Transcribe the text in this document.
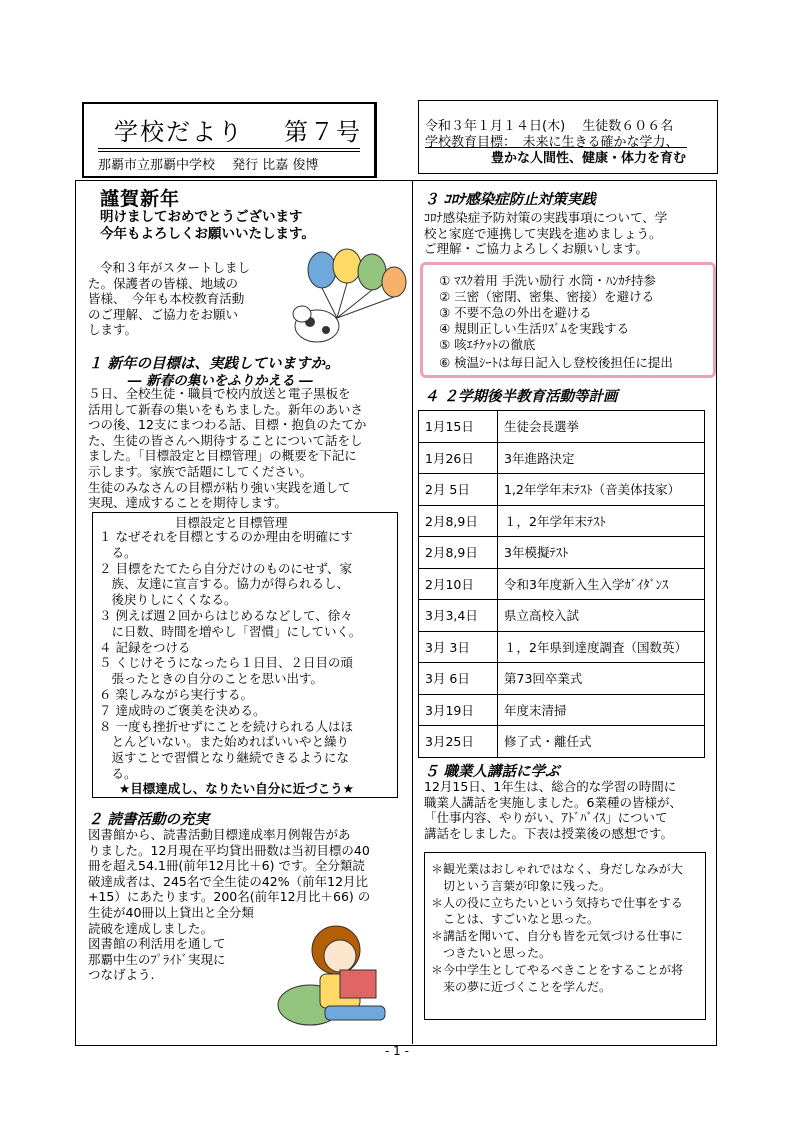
学校だより 第７号
那覇市立那覇中学校　 発行 比嘉 俊博
令和３年１月１４日(木)　 生徒数６０６名
学校教育目標：　未来に生きる確かな学力、
豊かな人間性、健康・体力を育む
謹賀新年
明けましておめでとうございます
今年もよろしくお願いいたします。
令和３年がスタートしまし
た。保護者の皆様、地域の
皆様、　今年も本校教育活動
のご理解、ご協力をお願い
します。
１ 新年の目標は、実践していますか。
― 新春の集いをふりかえる ―
５日、全校生徒・職員で校内放送と電子黒板を
活用して新春の集いをもちました。新年のあいさ
つの後、12支にまつわる話、目標・抱負のたてか
た、生徒の皆さんへ期待することについて話をし
ました。「目標設定と目標管理」の概要を下記に
示します。家族で話題にしてください。
生徒のみなさんの目標が粘り強い実践を通して
実現、達成することを期待します。
目標設定と目標管理
１ なぜそれを目標とするのか理由を明確にす
　る。
２ 目標をたてたら自分だけのものにせず、家
　族、友達に宣言する。協力が得られるし、
　後戻りしにくくなる。
３ 例えば週２回からはじめるなどして、徐々
　に日数、時間を増やし「習慣」にしていく。
４ 記録をつける
５ くじけそうになったら１日目、２日目の頑
　張ったときの自分のことを思い出す。
６ 楽しみながら実行する。
７ 達成時のご褒美を決める。
８ 一度も挫折せずにことを続けられる人はほ
　とんどいない。また始めればいいやと繰り
　返すことで習慣となり継続できるようにな
　る。
★目標達成し、なりたい自分に近づこう★
２ 読書活動の充実
図書館から、読書活動目標達成率月例報告があ
りました。12月現在平均貸出冊数は当初目標の40
冊を超え54.1冊(前年12月比＋6) です。全分類読
破達成者は、245名で全生徒の42%（前年12月比
+15）にあたります。200名(前年12月比＋66) の
生徒が40冊以上貸出と全分類
読破を達成しました。
図書館の利活用を通して
那覇中生のﾌﾟﾗｲﾄﾞ実現に
つなげよう.
３ ｺﾛﾅ感染症防止対策実践
ｺﾛﾅ感染症予防対策の実践事項について、学
校と家庭で連携して実践を進めましょう。
ご理解・ご協力よろしくお願いします。
① ﾏｽｸ着用 手洗い励行 水筒・ﾊﾝｶﾁ持参
② 三密（密閉、密集、密接）を避ける
③ 不要不急の外出を避ける
④ 規則正しい生活ﾘｽﾞﾑを実践する
⑤ 咳ｴﾁｹｯﾄの徹底
⑥ 検温ｼｰﾄは毎日記入し登校後担任に提出
４ ２学期後半教育活動等計画
1月15日	生徒会長選挙
1月26日	3年進路決定
2月 5日	1,2年学年末ﾃｽﾄ（音美体技家）
2月8,9日	１，2年学年末ﾃｽﾄ
2月8,9日	3年模擬ﾃｽﾄ
2月10日	令和3年度新入生入学ｶﾞｲﾀﾞﾝｽ
3月3,4日	県立高校入試
3月 3日	１，2年県到達度調査（国数英）
3月 6日	第73回卒業式
3月19日	年度末清掃
3月25日	修了式・離任式
５ 職業人講話に学ぶ
12月15日、1年生は、総合的な学習の時間に
職業人講話を実施しました。6業種の皆様が、
「仕事内容、やりがい、ｱﾄﾞﾊﾞｲｽ」について
講話をしました。下表は授業後の感想です。
＊観光業はおしゃれではなく、身だしなみが大
　切という言葉が印象に残った。
＊人の役に立ちたいという気持ちで仕事をする
　ことは、すごいなと思った。
＊講話を聞いて、自分も皆を元気づける仕事に
　つきたいと思った。
＊今中学生としてやるべきことをすることが将
　来の夢に近づくことを学んだ。
- 1 -
